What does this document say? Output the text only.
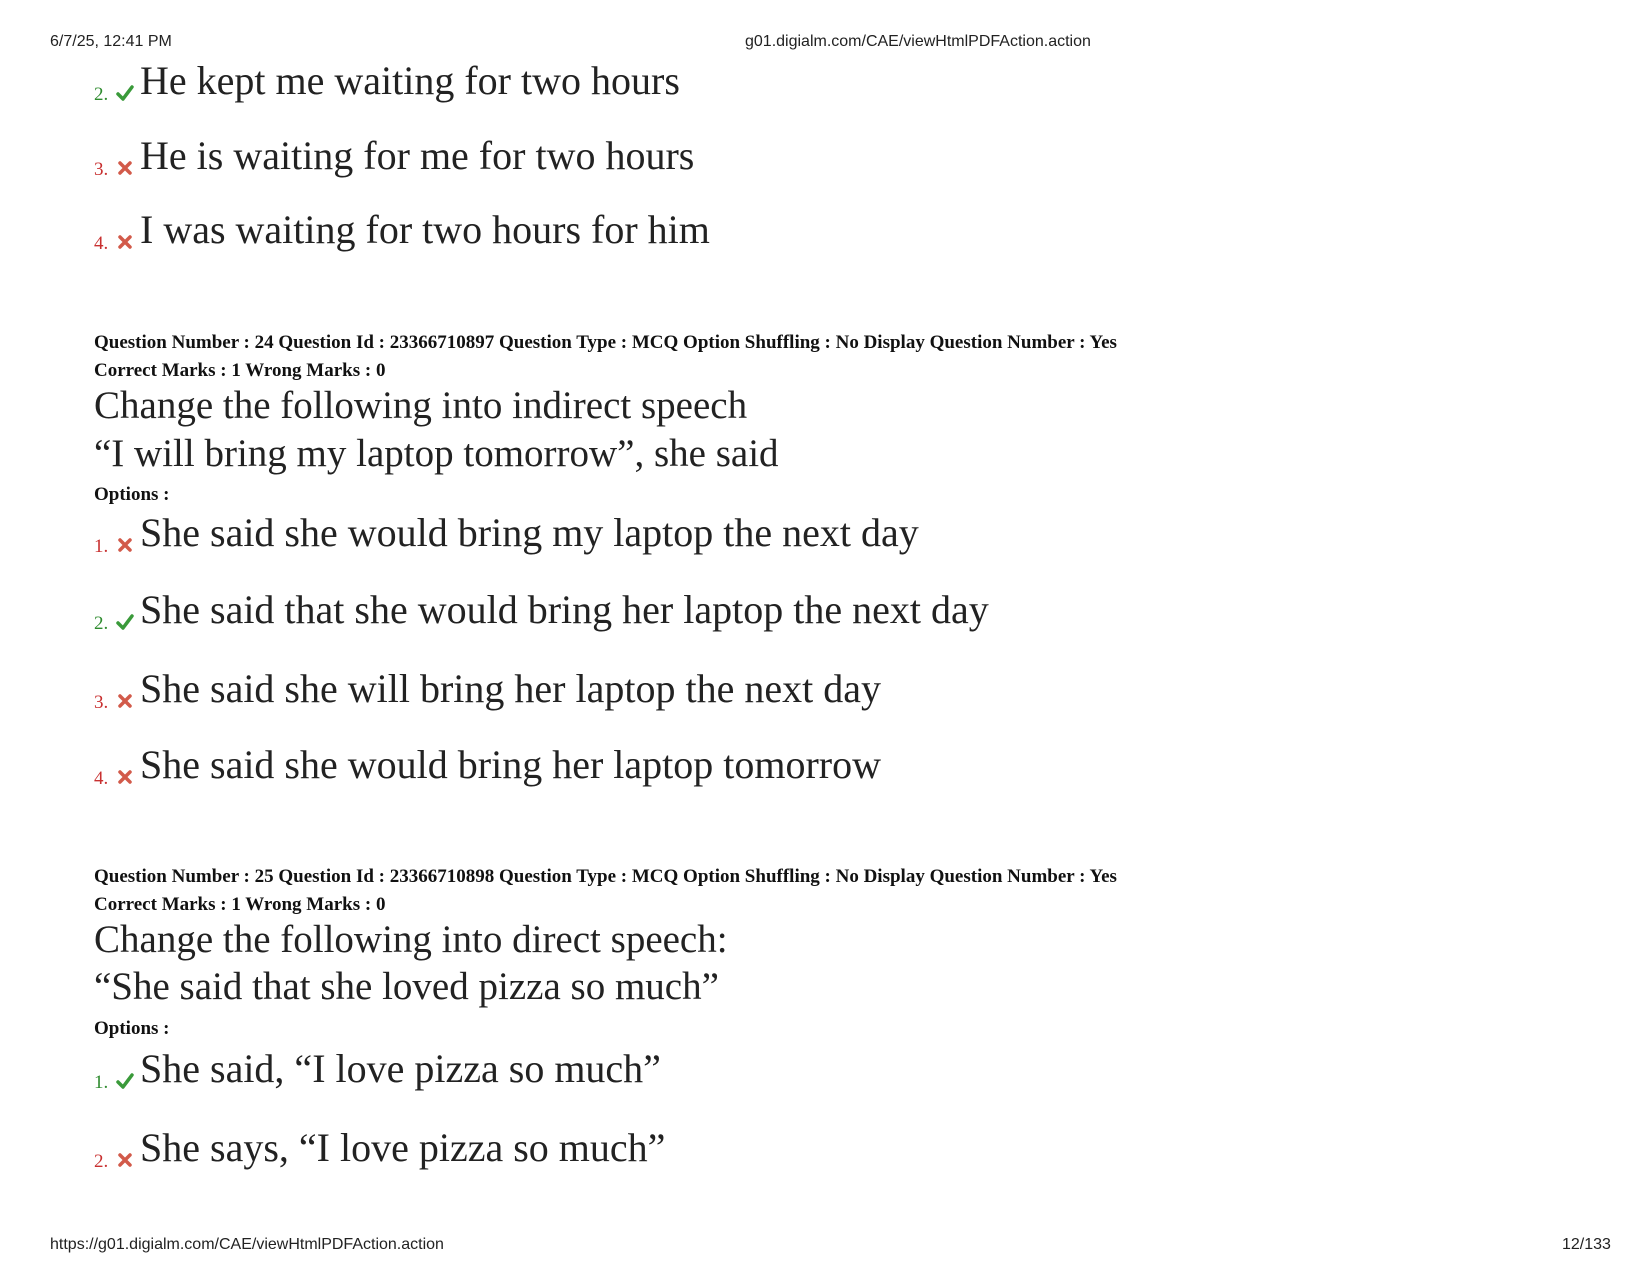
6/7/25, 12:41 PM	g01.digialm.com/CAE/viewHtmlPDFAction.action
2. He kept me waiting for two hours
3. He is waiting for me for two hours
4. I was waiting for two hours for him
Question Number : 24 Question Id : 23366710897 Question Type : MCQ Option Shuffling : No Display Question Number : Yes
Correct Marks : 1 Wrong Marks : 0
Change the following into indirect speech
“I will bring my laptop tomorrow”, she said
Options :
1. She said she would bring my laptop the next day
2. She said that she would bring her laptop the next day
3. She said she will bring her laptop the next day
4. She said she would bring her laptop tomorrow
Question Number : 25 Question Id : 23366710898 Question Type : MCQ Option Shuffling : No Display Question Number : Yes
Correct Marks : 1 Wrong Marks : 0
Change the following into direct speech:
“She said that she loved pizza so much”
Options :
1. She said, “I love pizza so much”
2. She says, “I love pizza so much”
https://g01.digialm.com/CAE/viewHtmlPDFAction.action	12/133
